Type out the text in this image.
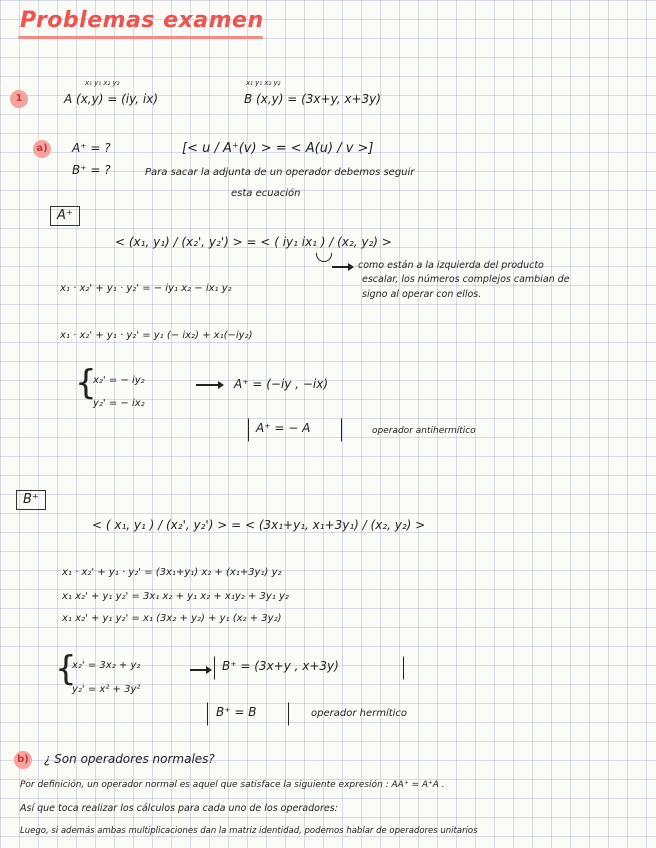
Problemas examen
1
x₁ y₁ x₂ y₂
A (x,y) = (iy, ix)
x₁ y₁ x₂ y₂
B (x,y) = (3x+y, x+3y)
a) A⁺ = ?
B⁺ = ?
[< u / A⁺(v) > = < A(u) / v >]
Para sacar la adjunta de un operador debemos seguir
esta ecuación
A⁺
< (x₁, y₁) / (x₂', y₂') > = < ( iy₁ ix₁ ) / (x₂, y₂) >
como están a la izquierda del producto
escalar, los números complejos cambian de
signo al operar con ellos.
x₁ · x₂' + y₁ · y₂' = − iy₁ x₂ − ix₁ y₂
x₁ · x₂' + y₁ · y₂' = y₁ (− ix₂) + x₁(−iy₂)
{
x₂' = − iy₂
y₂' = − ix₂
A⁺ = (−iy , −ix)
A⁺ = − A	operador antihermítico
B⁺
< ( x₁, y₁ ) / (x₂', y₂') > = < (3x₁+y₁, x₁+3y₁) / (x₂, y₂) >
x₁ · x₂' + y₁ · y₂' = (3x₁+y₁) x₂ + (x₁+3y₁) y₂
x₁ x₂' + y₁ y₂' = 3x₁ x₂ + y₁ x₂ + x₁y₂ + 3y₁ y₂
x₁ x₂' + y₁ y₂' = x₁ (3x₂ + y₂) + y₁ (x₂ + 3y₂)
{
x₂' = 3x₂ + y₂
y₂' = x² + 3y²
B⁺ = (3x+y , x+3y)
B⁺ = B	operador hermítico
b) ¿ Son operadores normales?
Por definición, un operador normal es aquel que satisface la siguiente expresión : AA⁺ = A⁺A .
Así que toca realizar los cálculos para cada uno de los operadores:
Luego, si además ambas multiplicaciones dan la matriz identidad, podemos hablar de operadores unitarios
